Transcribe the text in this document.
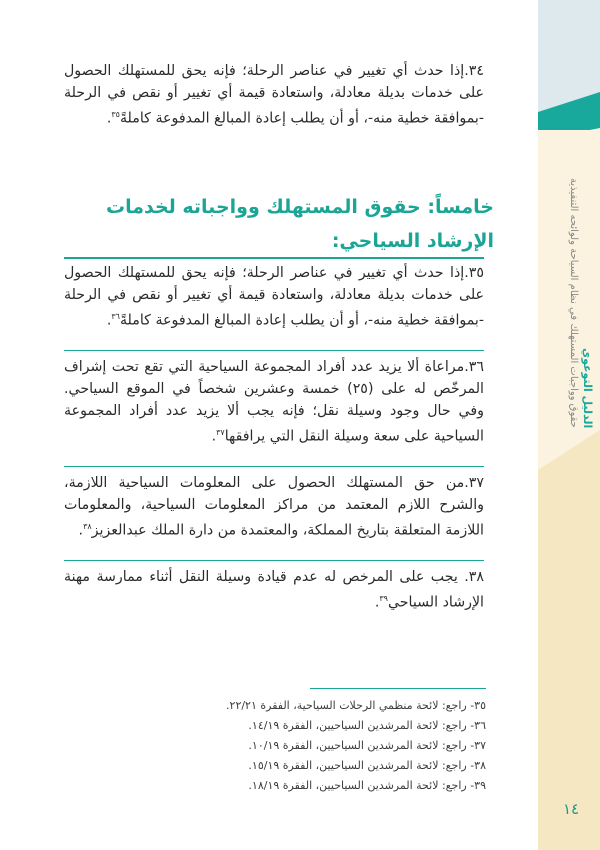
الدليل التوعوي
حقوق وواجبات المستهلك في نظام السياحة ولوائحه التنفيذية
١٤

٣٤.إذا حدث أي تغيير في عناصر الرحلة؛ فإنه يحق للمستهلك الحصول على خدمات بديلة معادلة، واستعادة قيمة أي تغيير أو نقص في الرحلة -بموافقة خطية منه-، أو أن يطلب إعادة المبالغ المدفوعة كاملةً$^{٣٥}$.

خامساً: حقوق المستهلك وواجباته لخدمات الإرشاد السياحي:

٣٥.إذا حدث أي تغيير في عناصر الرحلة؛ فإنه يحق للمستهلك الحصول على خدمات بديلة معادلة، واستعادة قيمة أي تغيير أو نقص في الرحلة -بموافقة خطية منه-، أو أن يطلب إعادة المبالغ المدفوعة كاملةً$^{٣٦}$.

٣٦.مراعاة ألا يزيد عدد أفراد المجموعة السياحية التي تقع تحت إشراف المرخّص له على (٢٥) خمسة وعشرين شخصاً في الموقع السياحي. وفي حال وجود وسيلة نقل؛ فإنه يجب ألا يزيد عدد أفراد المجموعة السياحية على سعة وسيلة النقل التي يرافقها$^{٣٧}$.

٣٧.من حق المستهلك الحصول على المعلومات السياحية اللازمة، والشرح اللازم المعتمد من مراكز المعلومات السياحية، والمعلومات اللازمة المتعلقة بتاريخ المملكة، والمعتمدة من دارة الملك عبدالعزيز$^{٣٨}$.

٣٨. يجب على المرخص له عدم قيادة وسيلة النقل أثناء ممارسة مهنة الإرشاد السياحي$^{٣٩}$.

٣٥- راجع: لائحة منظمي الرحلات السياحية، الفقرة ٢٢/٢١.
٣٦- راجع: لائحة المرشدين السياحيين، الفقرة ١٤/١٩.
٣٧- راجع: لائحة المرشدين السياحيين، الفقرة ١٠/١٩.
٣٨- راجع: لائحة المرشدين السياحيين، الفقرة ١٥/١٩.
٣٩- راجع: لائحة المرشدين السياحيين، الفقرة ١٨/١٩.
